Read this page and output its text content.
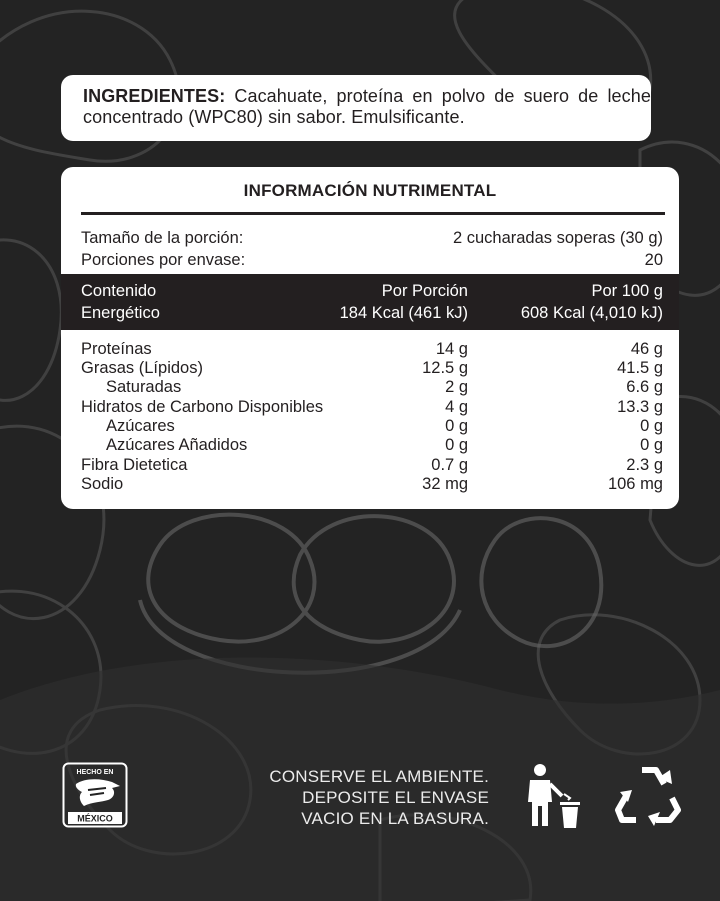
INGREDIENTES: Cacahuate, proteína en polvo de suero de leche concentrado (WPC80) sin sabor. Emulsificante.
INFORMACIÓN NUTRIMENTAL
Tamaño de la porción:	2 cucharadas soperas (30 g)
Porciones por envase:	20
Contenido	Por Porción	Por 100 g
Energético	184 Kcal (461 kJ)	608 Kcal (4,010 kJ)
Proteínas	14 g	46 g
Grasas (Lípidos)	12.5 g	41.5 g
Saturadas	2 g	6.6 g
Hidratos de Carbono Disponibles	4 g	13.3 g
Azúcares	0 g	0 g
Azúcares Añadidos	0 g	0 g
Fibra Dietetica	0.7 g	2.3 g
Sodio	32 mg	106 mg
HECHO EN
MÉXICO
CONSERVE EL AMBIENTE.
DEPOSITE EL ENVASE
VACIO EN LA BASURA.
